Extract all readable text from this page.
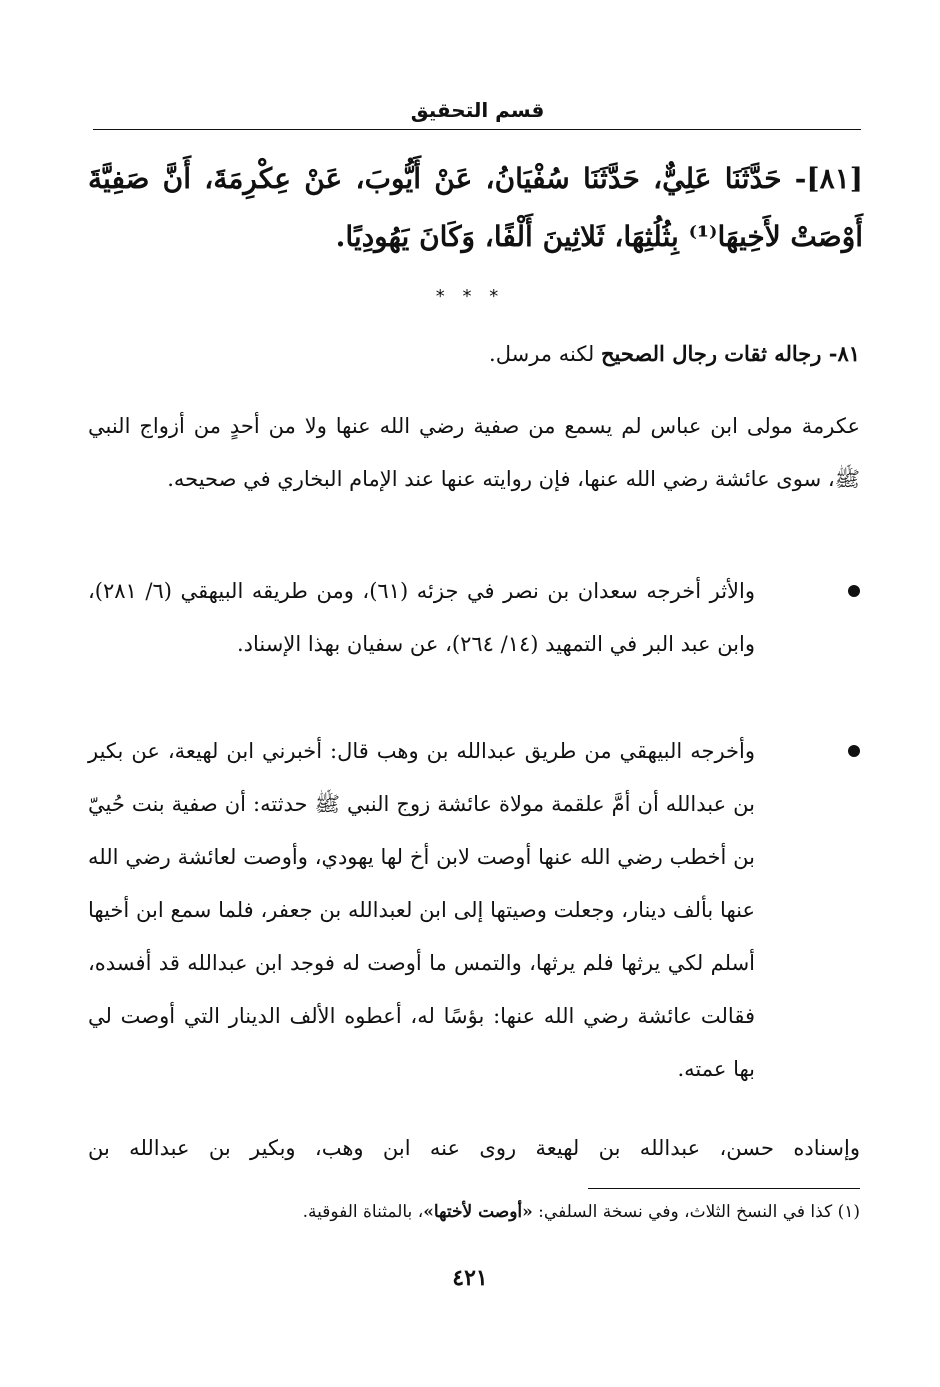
قسم التحقيق
[٨١]- حَدَّثَنَا عَلِيٌّ، حَدَّثَنَا سُفْيَانُ، عَنْ أَيُّوبَ، عَنْ عِكْرِمَةَ، أَنَّ صَفِيَّةَ أَوْصَتْ لأَخِيهَا⁽¹⁾ بِثُلُثِهَا، ثَلاثِينَ أَلْفًا، وَكَانَ يَهُودِيًا.
* * *
٨١- رجاله ثقات رجال الصحيح لكنه مرسل.
عكرمة مولى ابن عباس لم يسمع من صفية رضي الله عنها ولا من أحدٍ من أزواج النبي ﷺ، سوى عائشة رضي الله عنها، فإن روايته عنها عند الإمام البخاري في صحيحه.
والأثر أخرجه سعدان بن نصر في جزئه (٦١)، ومن طريقه البيهقي (٦/ ٢٨١)، وابن عبد البر في التمهيد (١٤/ ٢٦٤)، عن سفيان بهذا الإسناد.
وأخرجه البيهقي من طريق عبدالله بن وهب قال: أخبرني ابن لهيعة، عن بكير بن عبدالله أن أمَّ علقمة مولاة عائشة زوج النبي ﷺ حدثته: أن صفية بنت حُييّ بن أخطب رضي الله عنها أوصت لابن أخ لها يهودي، وأوصت لعائشة رضي الله عنها بألف دينار، وجعلت وصيتها إلى ابن لعبدالله بن جعفر، فلما سمع ابن أخيها أسلم لكي يرثها فلم يرثها، والتمس ما أوصت له فوجد ابن عبدالله قد أفسده، فقالت عائشة رضي الله عنها: بؤسًا له، أعطوه الألف الدينار التي أوصت لي بها عمته.
وإسناده حسن، عبدالله بن لهيعة روى عنه ابن وهب، وبكير بن عبدالله بن
(١) كذا في النسخ الثلاث، وفي نسخة السلفي: «أوصت لأختها»، بالمثناة الفوقية.
٤٢١
